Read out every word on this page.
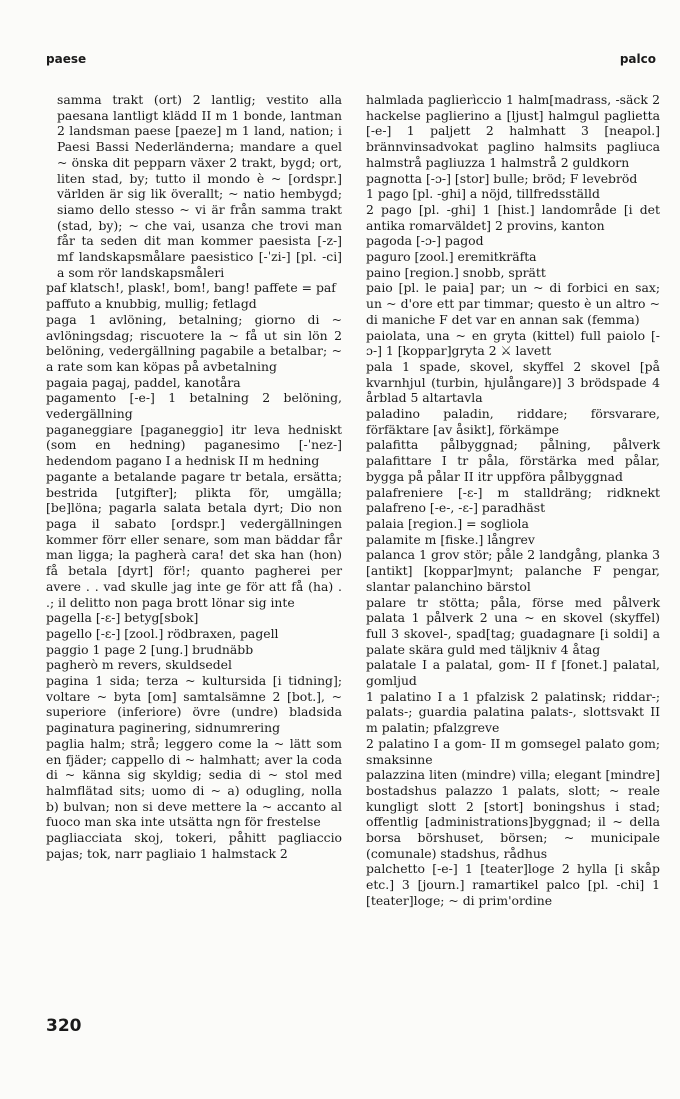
paese	palco

samma trakt (ort) 2 lantlig; vestito alla paesana lantligt klädd II m 1 bonde, lantman 2 landsman paese [paeze] m 1 land, nation; i Paesi Bassi Nederländerna; mandare a quel ~ önska dit pepparn växer 2 trakt, bygd; ort, liten stad, by; tutto il mondo è ~ [ordspr.] världen är sig lik överallt; ~ natio hembygd; siamo dello stesso ~ vi är från samma trakt (stad, by); ~ che vai, usanza che trovi man får ta seden dit man kommer paesista [-z-] mf landskapsmålare paesistico [-ˈzi-] [pl. -ci] a som rör landskapsmåleri

paf klatsch!, plask!, bom!, bang! paffete = paf

paffuto a knubbig, mullig; fetlagd

paga 1 avlöning, betalning; giorno di ~ avlöningsdag; riscuotere la ~ få ut sin lön 2 belöning, vedergällning pagabile a betalbar; ~ a rate som kan köpas på avbetalning

pagaia pagaj, paddel, kanotåra

pagamento [-e-] 1 betalning 2 belöning, vedergällning

paganeggiare [paganeggio] itr leva hedniskt (som en hedning) paganesimo [-ˈnez-] hedendom pagano I a hednisk II m hedning

pagante a betalande pagare tr betala, ersätta; bestrida [utgifter]; plikta för, umgälla; [be]löna; pagarla salata betala dyrt; Dio non paga il sabato [ordspr.] vedergällningen kommer förr eller senare, som man bäddar får man ligga; la pagherà cara! det ska han (hon) få betala [dyrt] för!; quanto pagherei per avere . . vad skulle jag inte ge för att få (ha) . .; il delitto non paga brott lönar sig inte

pagella [-ε-] betyg[sbok]

pagello [-ε-] [zool.] rödbraxen, pagell

paggio 1 page 2 [ung.] brudnäbb

pagherò m revers, skuldsedel

pagina 1 sida; terza ~ kultursida [i tidning]; voltare ~ byta [om] samtalsämne 2 [bot.], ~ superiore (inferiore) övre (undre) bladsida paginatura paginering, sidnumrering

paglia halm; strå; leggero come la ~ lätt som en fjäder; cappello di ~ halmhatt; aver la coda di ~ känna sig skyldig; sedia di ~ stol med halmflätad sits; uomo di ~ a) odugling, nolla b) bulvan; non si deve mettere la ~ accanto al fuoco man ska inte utsätta ngn för frestelse

pagliacciata skoj, tokeri, påhitt pagliaccio pajas; tok, narr pagliaio 1 halmstack 2

halmlada paglierìccio 1 halm[madrass, -säck 2 hackelse paglierino a [ljust] halmgul paglietta [-e-] 1 paljett 2 halmhatt 3 [neapol.] brännvinsadvokat paglino halmsits pagliuca halmstrå pagliuzza 1 halmstrå 2 guldkorn

pagnotta [-ɔ-] [stor] bulle; bröd; F levebröd

1 pago [pl. -ghi] a nöjd, tillfredsställd

2 pago [pl. -ghi] 1 [hist.] landområde [i det antika romarväldet] 2 provins, kanton

pagoda [-ɔ-] pagod

paguro [zool.] eremitkräfta

paino [region.] snobb, sprätt

paio [pl. le paia] par; un ~ di forbici en sax; un ~ d'ore ett par timmar; questo è un altro ~ di maniche F det var en annan sak (femma)

paiolata, una ~ en gryta (kittel) full paiolo [-ɔ-] 1 [koppar]gryta 2 ⚔ lavett

pala 1 spade, skovel, skyffel 2 skovel [på kvarnhjul (turbin, hjulångare)] 3 brödspade 4 årblad 5 altartavla

paladino paladin, riddare; försvarare, förfäktare [av åsikt], förkämpe

palafitta pålbyggnad; pålning, pålverk palafittare I tr påla, förstärka med pålar, bygga på pålar II itr uppföra pålbyggnad

palafreniere [-ε-] m stalldräng; ridknekt palafreno [-e-, -ε-] paradhäst

palaia [region.] = sogliola

palamite m [fiske.] långrev

palanca 1 grov stör; påle 2 landgång, planka 3 [antikt] [koppar]mynt; palanche F pengar, slantar palanchino bärstol

palare tr stötta; påla, förse med pålverk palata 1 pålverk 2 una ~ en skovel (skyffel) full 3 skovel-, spad[tag; guadagnare [i soldi] a palate skära guld med täljkniv 4 åtag

palatale I a palatal, gom- II f [fonet.] palatal, gomljud

1 palatino I a 1 pfalzisk 2 palatinsk; riddar-; palats-; guardia palatina palats-, slottsvakt II m palatin; pfalzgreve

2 palatino I a gom- II m gomsegel palato gom; smaksinne

palazzina liten (mindre) villa; elegant [mindre] bostadshus palazzo 1 palats, slott; ~ reale kungligt slott 2 [stort] boningshus i stad; offentlig [administrations]byggnad; il ~ della borsa börshuset, börsen; ~ municipale (comunale) stadshus, rådhus

palchetto [-e-] 1 [teater]loge 2 hylla [i skåp etc.] 3 [journ.] ramartikel palco [pl. -chi] 1 [teater]loge; ~ di prim'ordine

320
